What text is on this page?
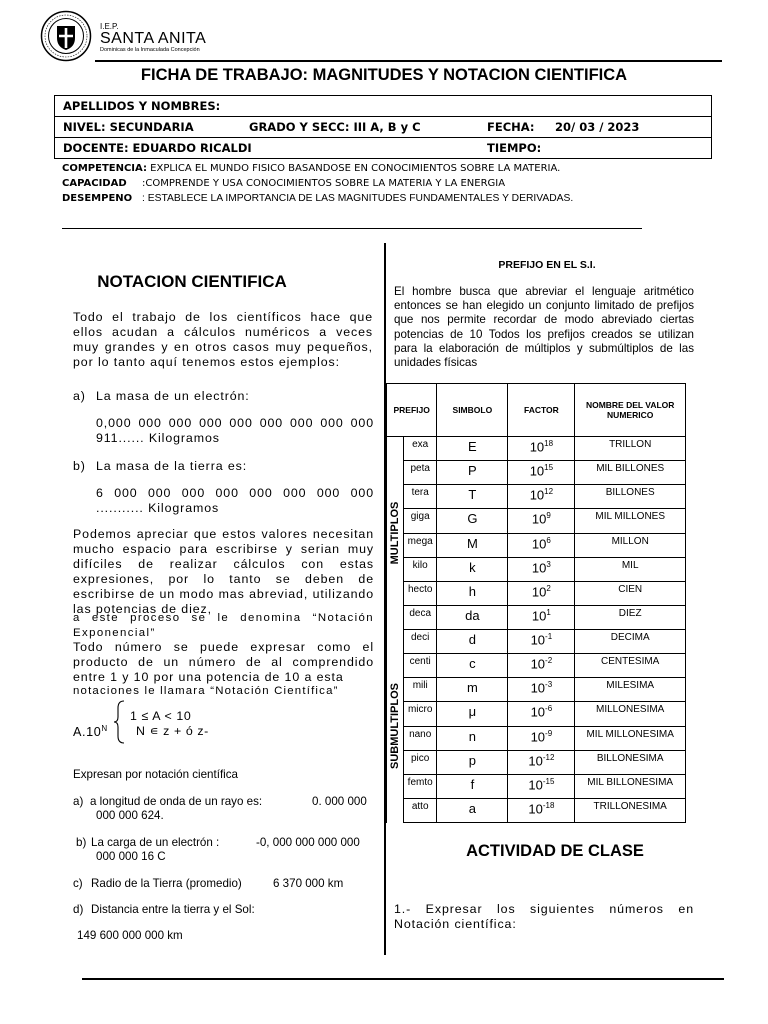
I.E.P.
SANTA ANITA
Dominicas de la Inmaculada Concepción
FICHA DE TRABAJO: MAGNITUDES Y NOTACION CIENTIFICA
APELLIDOS Y NOMBRES:	
NIVEL: SECUNDARIA GRADO Y SECC: III A, B y C	FECHA: 20/ 03 / 2023
DOCENTE: EDUARDO RICALDI	TIEMPO:
COMPETENCIA: EXPLICA EL MUNDO FISICO BASANDOSE EN CONOCIMIENTOS SOBRE LA MATERIA.
CAPACIDAD :COMPRENDE Y USA CONOCIMIENTOS SOBRE LA MATERIA Y LA ENERGIA
DESEMPENO : ESTABLECE LA IMPORTANCIA DE LAS MAGNITUDES FUNDAMENTALES Y DERIVADAS.
NOTACION CIENTIFICA
Todo el trabajo de los científicos hace que ellos acudan a cálculos numéricos a veces muy grandes y en otros casos muy pequeños, por lo tanto aquí tenemos estos ejemplos:
a) La masa de un electrón:
0,000 000 000 000 000 000 000 000 000 911...... Kilogramos
b) La masa de la tierra es:
6 000 000 000 000 000 000 000 000 ........... Kilogramos
Podemos apreciar que estos valores necesitan mucho espacio para escribirse y serian muy difíciles de realizar cálculos con estas expresiones, por lo tanto se deben de escribirse de un modo mas abreviad, utilizando las potencias de diez,
a este proceso se le denomina “Notación Exponencial”
Todo número se puede expresar como el producto de un número de al comprendido entre 1 y 10 por una potencia de 10 a esta
notaciones le llamara “Notación Científica”
$A.10^N$
1 ≤ A < 10
N ∊ z + ó z-
Expresan por notación científica
a) a longitud de onda de un rayo es:	0. 000 000
000 000 624.
b) La carga de un electrón :	-0, 000 000 000 000
000 000 16 C
c) Radio de la Tierra (promedio)	6 370 000 km
d) Distancia entre la tierra y el Sol:
149 600 000 000 km
PREFIJO EN EL S.I.
El hombre busca que abreviar el lenguaje aritmético entonces se han elegido un conjunto limitado de prefijos que nos permite recordar de modo abreviado ciertas potencias de 10 Todos los prefijos creados se utilizan para la elaboración de múltiplos y submúltiplos de las unidades físicas
PREFIJO		SIMBOLO	FACTOR	NOMBRE DEL VALOR NUMERICO

MULTIPLOS	exa	E	$10^{18}$	TRILLON
	peta	P	$10^{15}$	MIL BILLONES
	tera	T	$10^{12}$	BILLONES
	giga	G	$10^9$	MIL MILLONES
	mega	M	$10^6$	MILLON
	kilo	k	$10^3$	MIL
	hecto	h	$10^2$	CIEN
	deca	da	$10^1$	DIEZ

SUBMULTIPLOS	deci	d	$10^{-1}$	DECIMA
	centi	c	$10^{-2}$	CENTESIMA
	mili	m	$10^{-3}$	MILESIMA
	micro	μ	$10^{-6}$	MILLONESIMA
	nano	n	$10^{-9}$	MIL MILLONESIMA
	pico	p	$10^{-12}$	BILLONESIMA
	femto	f	$10^{-15}$	MIL BILLONESIMA
	atto	a	$10^{-18}$	TRILLONESIMA
ACTIVIDAD DE CLASE
1.- Expresar los siguientes números en Notación científica:
